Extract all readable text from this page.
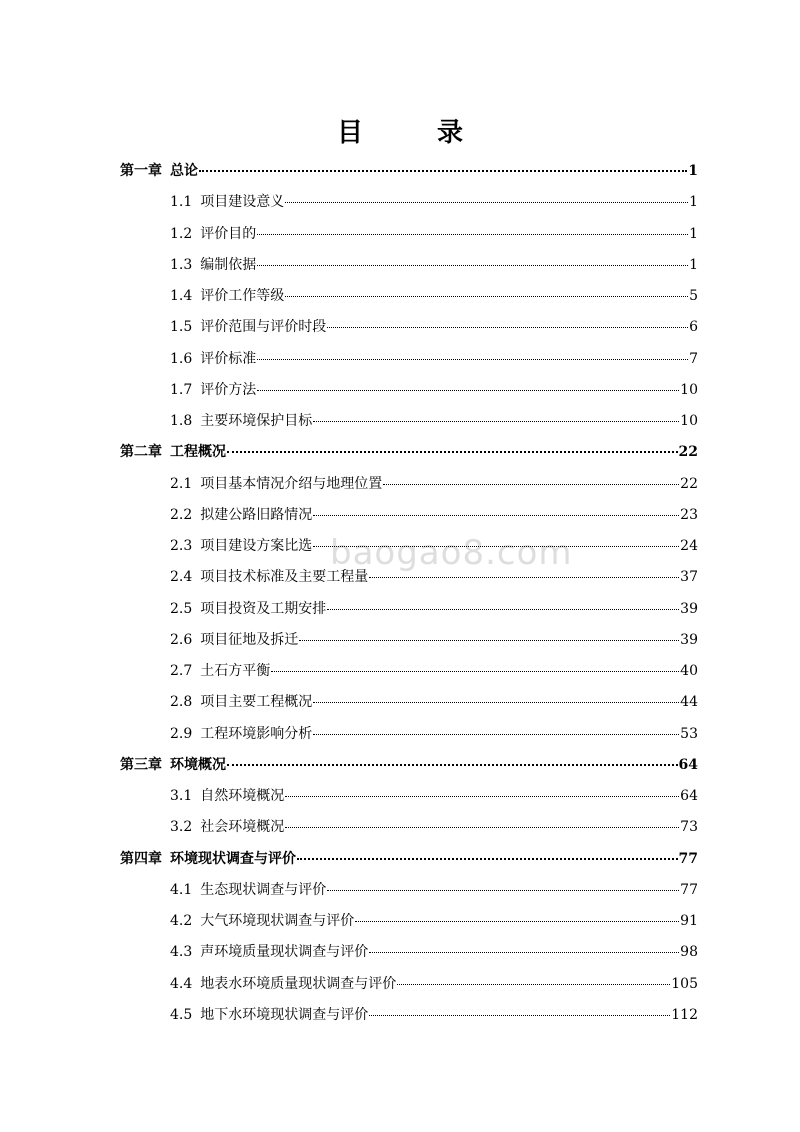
目　录
baogao8.com
第一章 总论	1
1.1 项目建设意义	1
1.2 评价目的	1
1.3 编制依据	1
1.4 评价工作等级	5
1.5 评价范围与评价时段	6
1.6 评价标准	7
1.7 评价方法	10
1.8 主要环境保护目标	10
第二章 工程概况	22
2.1 项目基本情况介绍与地理位置	22
2.2 拟建公路旧路情况	23
2.3 项目建设方案比选	24
2.4 项目技术标准及主要工程量	37
2.5 项目投资及工期安排	39
2.6 项目征地及拆迁	39
2.7 土石方平衡	40
2.8 项目主要工程概况	44
2.9 工程环境影响分析	53
第三章 环境概况	64
3.1 自然环境概况	64
3.2 社会环境概况	73
第四章 环境现状调查与评价	77
4.1 生态现状调查与评价	77
4.2 大气环境现状调查与评价	91
4.3 声环境质量现状调查与评价	98
4.4 地表水环境质量现状调查与评价	105
4.5 地下水环境现状调查与评价	112
